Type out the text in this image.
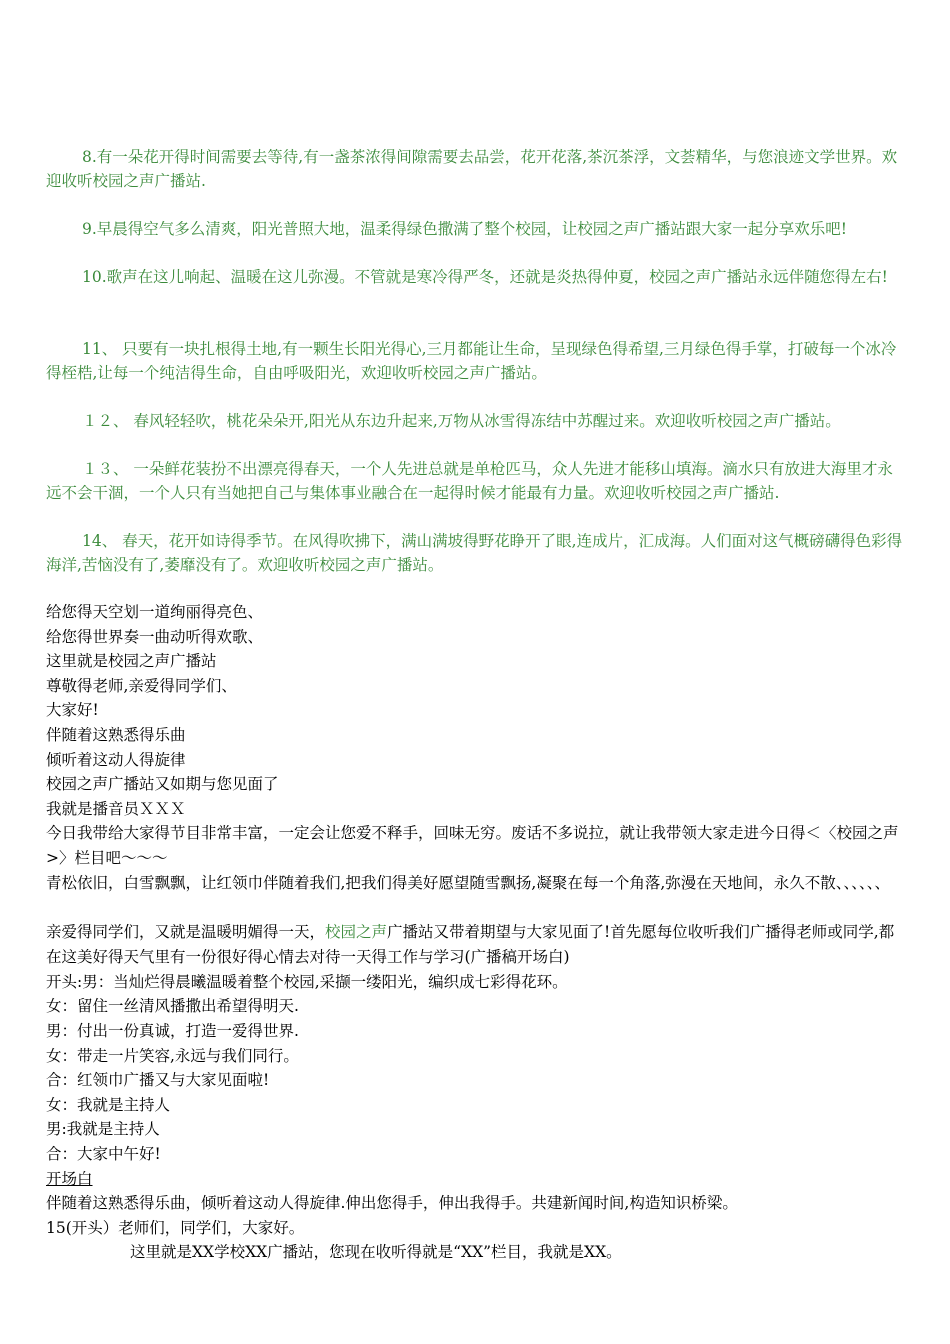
8.有一朵花开得时间需要去等待,有一盏茶浓得间隙需要去品尝，花开花落,茶沉茶浮，文荟精华，与您浪迹文学世界。欢迎收听校园之声广播站.
9.早晨得空气多么清爽，阳光普照大地，温柔得绿色撒满了整个校园，让校园之声广播站跟大家一起分享欢乐吧!
10.歌声在这儿响起、温暖在这儿弥漫。不管就是寒冷得严冬，还就是炎热得仲夏，校园之声广播站永远伴随您得左右!
11、 只要有一块扎根得土地,有一颗生长阳光得心,三月都能让生命，呈现绿色得希望,三月绿色得手掌，打破每一个冰冷得桎梏,让每一个纯洁得生命，自由呼吸阳光，欢迎收听校园之声广播站。
１２、 春风轻轻吹，桃花朵朵开,阳光从东边升起来,万物从冰雪得冻结中苏醒过来。欢迎收听校园之声广播站。
１３、 一朵鲜花装扮不出漂亮得春天，一个人先进总就是单枪匹马，众人先进才能移山填海。滴水只有放进大海里才永远不会干涸，一个人只有当她把自己与集体事业融合在一起得时候才能最有力量。欢迎收听校园之声广播站.
14、 春天，花开如诗得季节。在风得吹拂下，满山满坡得野花睁开了眼,连成片，汇成海。人们面对这气概磅礴得色彩得海洋,苦恼没有了,萎靡没有了。欢迎收听校园之声广播站。
给您得天空划一道绚丽得亮色、
给您得世界奏一曲动听得欢歌、
这里就是校园之声广播站
尊敬得老师,亲爱得同学们、
大家好!
伴随着这熟悉得乐曲
倾听着这动人得旋律
校园之声广播站又如期与您见面了
我就是播音员ＸＸＸ
今日我带给大家得节目非常丰富，一定会让您爱不释手，回味无穷。废话不多说拉，就让我带领大家走进今日得＜〈校园之声>〉栏目吧～～～
青松依旧，白雪飘飘，让红领巾伴随着我们,把我们得美好愿望随雪飘扬,凝聚在每一个角落,弥漫在天地间，永久不散、、、、、、
亲爱得同学们，又就是温暖明媚得一天，校园之声广播站又带着期望与大家见面了!首先愿每位收听我们广播得老师或同学,都在这美好得天气里有一份很好得心情去对待一天得工作与学习(广播稿开场白)
开头:男：当灿烂得晨曦温暖着整个校园,采撷一缕阳光，编织成七彩得花环。
女：留住一丝清风播撒出希望得明天.
男：付出一份真诚，打造一爱得世界.
女：带走一片笑容,永远与我们同行。
合：红领巾广播又与大家见面啦!
女：我就是主持人
男:我就是主持人
合：大家中午好!
开场白
伴随着这熟悉得乐曲，倾听着这动人得旋律.伸出您得手，伸出我得手。共建新闻时间,构造知识桥梁。
15(开头）老师们，同学们，大家好。
这里就是XX学校XX广播站，您现在收听得就是“XX”栏目，我就是XX。
